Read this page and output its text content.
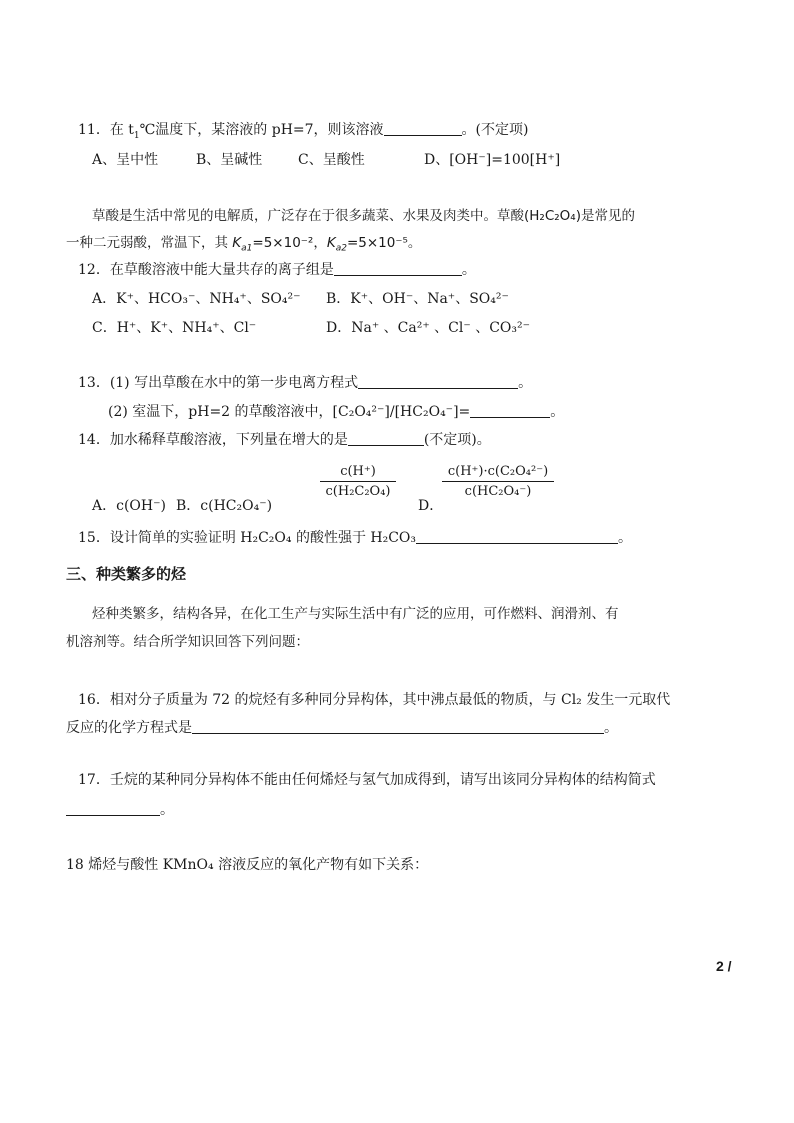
11．在 $t_1℃$温度下，某溶液的 pH=7，则该溶液	。(不定项)
A、呈中性	B、呈碱性	C、呈酸性	D、[OH⁻]=100[H⁺]
草酸是生活中常见的电解质，广泛存在于很多蔬菜、水果及肉类中。草酸(H₂C₂O₄)是常见的
一种二元弱酸，常温下，其 $K_{a1}=5\times 10^{-2}$，$K_{a2}=5\times 10^{-5}$。
12．在草酸溶液中能大量共存的离子组是	。
A．K⁺、HCO₃⁻、NH₄⁺、SO₄²⁻ B．K⁺、OH⁻、Na⁺、SO₄²⁻
C．H⁺、K⁺、NH₄⁺、Cl⁻	D．Na⁺ 、Ca²⁺ 、Cl⁻ 、CO₃²⁻
13．(1) 写出草酸在水中的第一步电离方程式	。
(2) 室温下，pH=2 的草酸溶液中，[C₂O₄²⁻]/[HC₂O₄⁻]=	。
14．加水稀释草酸溶液，下列量在增大的是	(不定项)。
A．c(OH⁻) B．c(HC₂O₄⁻)
c(H⁺)
c(H₂C₂O₄)
D．
c(H⁺)·c(C₂O₄²⁻)
c(HC₂O₄⁻)
15．设计简单的实验证明 H₂C₂O₄ 的酸性强于 H₂CO₃	。
三、种类繁多的烃
烃种类繁多，结构各异，在化工生产与实际生活中有广泛的应用，可作燃料、润滑剂、有
机溶剂等。结合所学知识回答下列问题：
16．相对分子质量为 72 的烷烃有多种同分异构体，其中沸点最低的物质，与 Cl₂ 发生一元取代
反应的化学方程式是	。
17．壬烷的某种同分异构体不能由任何烯烃与氢气加成得到，请写出该同分异构体的结构简式
。
18 烯烃与酸性 KMnO₄ 溶液反应的氧化产物有如下关系：
2 /
